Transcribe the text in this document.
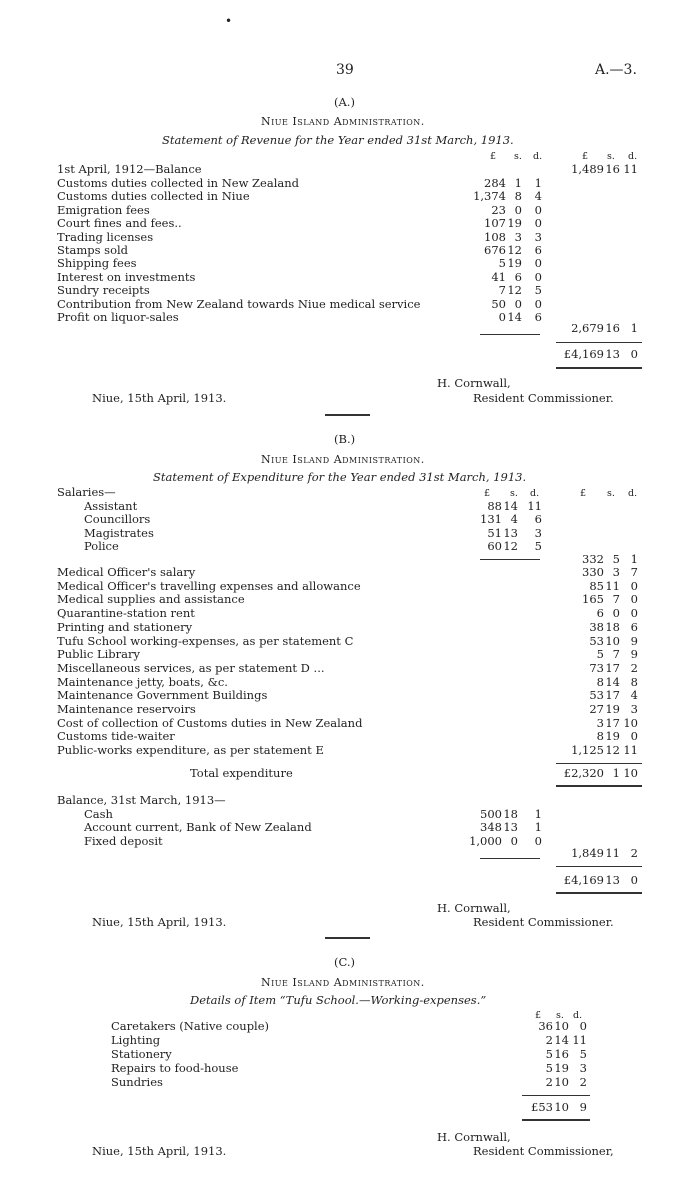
•
39	A.—3.
(A.)
Niue Island Administration.
Statement of Revenue for the Year ended 31st March, 1913.
£ s. d.	£ s. d.
1st April, 1912—Balance	1,489 16 11
Customs duties collected in New Zealand	284 1	1
Customs duties collected in Niue	1,374 8	4
Emigration fees	23 0	0
Court fines and fees..	107 19	0
Trading licenses	108 3	3
Stamps sold	676 12	6
Shipping fees	5 19	0
Interest on investments	41 6	0
Sundry receipts	7 12	5
Contribution from New Zealand towards Niue medical service	50 0	0
Profit on liquor-sales	0 14	6
2,679 16 1
£4,169 13 0
H. Cornwall,
Niue, 15th April, 1913.	Resident Commissioner.
(B.)
Niue Island Administration.
Statement of Expenditure for the Year ended 31st March, 1913.
£ s. d.	£ s. d.
Salaries—
Assistant	88 14 11
Councillors	131 4	6
Magistrates	51 13	3
Police	60 12	5
332 5 1
Medical Officer's salary	330 3 7
Medical Officer's travelling expenses and allowance	85 11 0
Medical supplies and assistance	165 7 0
Quarantine-station rent	6 0 0
Printing and stationery	38 18 6
Tufu School working-expenses, as per statement C	53 10 9
Public Library	5 7 9
Miscellaneous services, as per statement D ...	73 17 2
Maintenance jetty, boats, &c.	8 14 8
Maintenance Government Buildings	53 17 4
Maintenance reservoirs	27 19 3
Cost of collection of Customs duties in New Zealand	3 17 10
Customs tide-waiter	8 19 0
Public-works expenditure, as per statement E	1,125 12 11
Total expenditure	£2,320 1 10
Balance, 31st March, 1913—
Cash	500 18	1
Account current, Bank of New Zealand	348 13	1
Fixed deposit	1,000 0	0
1,849 11 2
£4,169 13 0
H. Cornwall,
Niue, 15th April, 1913.	Resident Commissioner.
(C.)
Niue Island Administration.
Details of Item “Tufu School.—Working-expenses.”
£ s. d.
Caretakers (Native couple)	36 10 0
Lighting	2 14 11
Stationery	5 16 5
Repairs to food-house	5 19 3
Sundries	2 10 2
£53 10 9
H. Cornwall,
Niue, 15th April, 1913.	Resident Commissioner,
